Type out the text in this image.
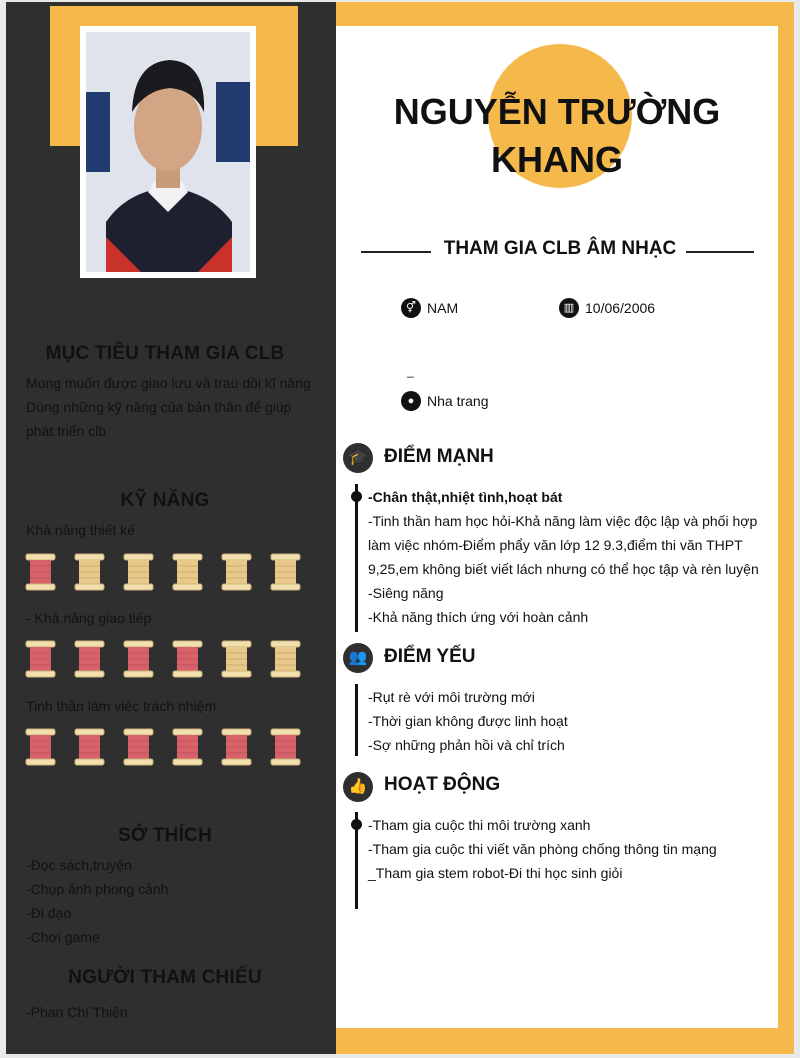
NGUYỄN TRƯỜNG
KHANG
THAM GIA CLB ÂM NHẠC
⚥ NAM	▥ 10/06/2006
_
● Nha trang
🎓 ĐIỂM MẠNH
-Chân thật,nhiệt tình,hoạt bát
-Tinh thần ham học hỏi-Khả năng làm việc độc lập và phối hợp
làm việc nhóm-Điểm phẩy văn lớp 12 9.3,điểm thi văn THPT
9,25,em không biết viết lách nhưng có thể học tập và rèn luyện
-Siêng năng
-Khả năng thích ứng với hoàn cảnh
👥 ĐIỂM YẾU
-Rụt rè với môi trường mới
-Thời gian không được linh hoạt
-Sợ những phản hồi và chỉ trích
👍 HOẠT ĐỘNG
-Tham gia cuộc thi môi trường xanh
-Tham gia cuộc thi viết văn phòng chống thông tin mạng
_Tham gia stem robot-Đi thi học sinh giỏi
MỤC TIÊU THAM GIA CLB
Mong muốn được giao lưu và trau dồi kĩ năng
Dùng những kỹ năng của bản thân để giúp
phát triển clb
KỸ NĂNG
Khả năng thiết kế
- Khả năng giao tiếp
Tinh thần làm việc trách nhiệm
SỞ THÍCH
-Đọc sách,truyện
-Chụp ảnh phong cảnh
-Đi dạo
-Chơi game
NGƯỜI THAM CHIẾU
-Phan Chí Thiện
